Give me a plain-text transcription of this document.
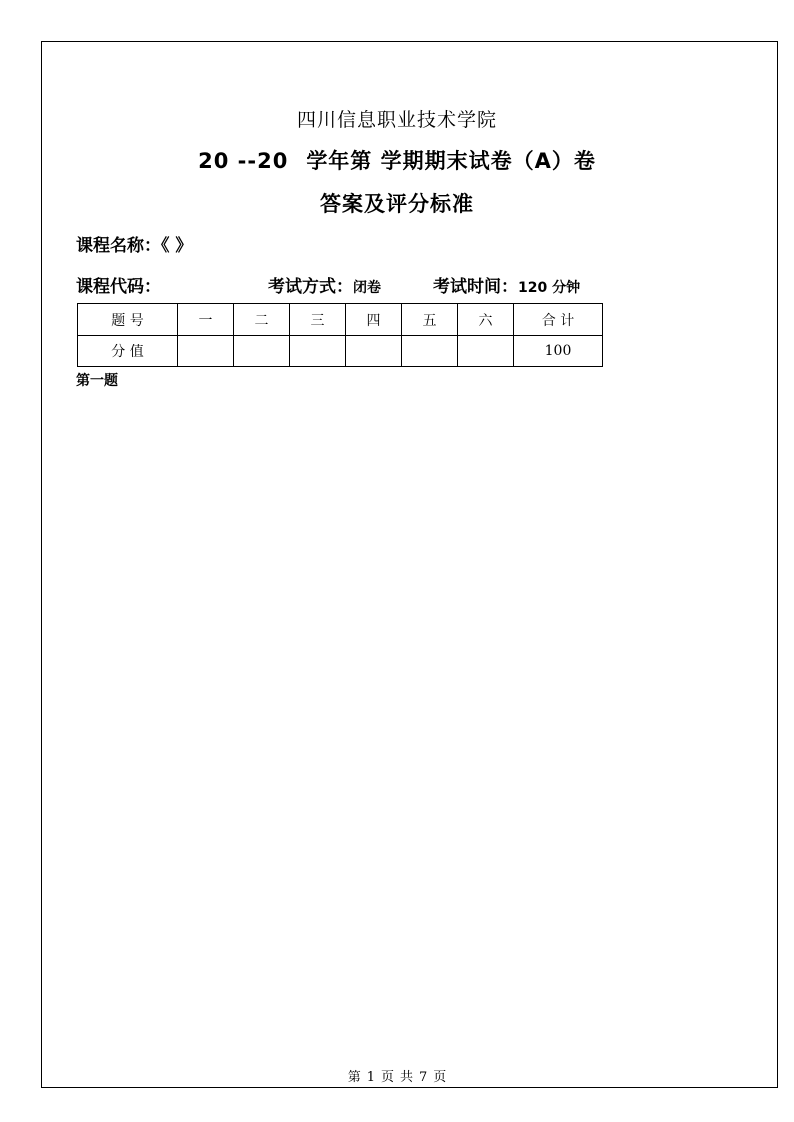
四川信息职业技术学院
20 --20 学年第 学期期末试卷（A）卷
答案及评分标准
课程名称：《 》
课程代码：	考试方式：闭卷	考试时间：120 分钟
题 号	一	二	三	四	五	六	合 计
分 值							100
第一题
第 1 页 共 7 页
